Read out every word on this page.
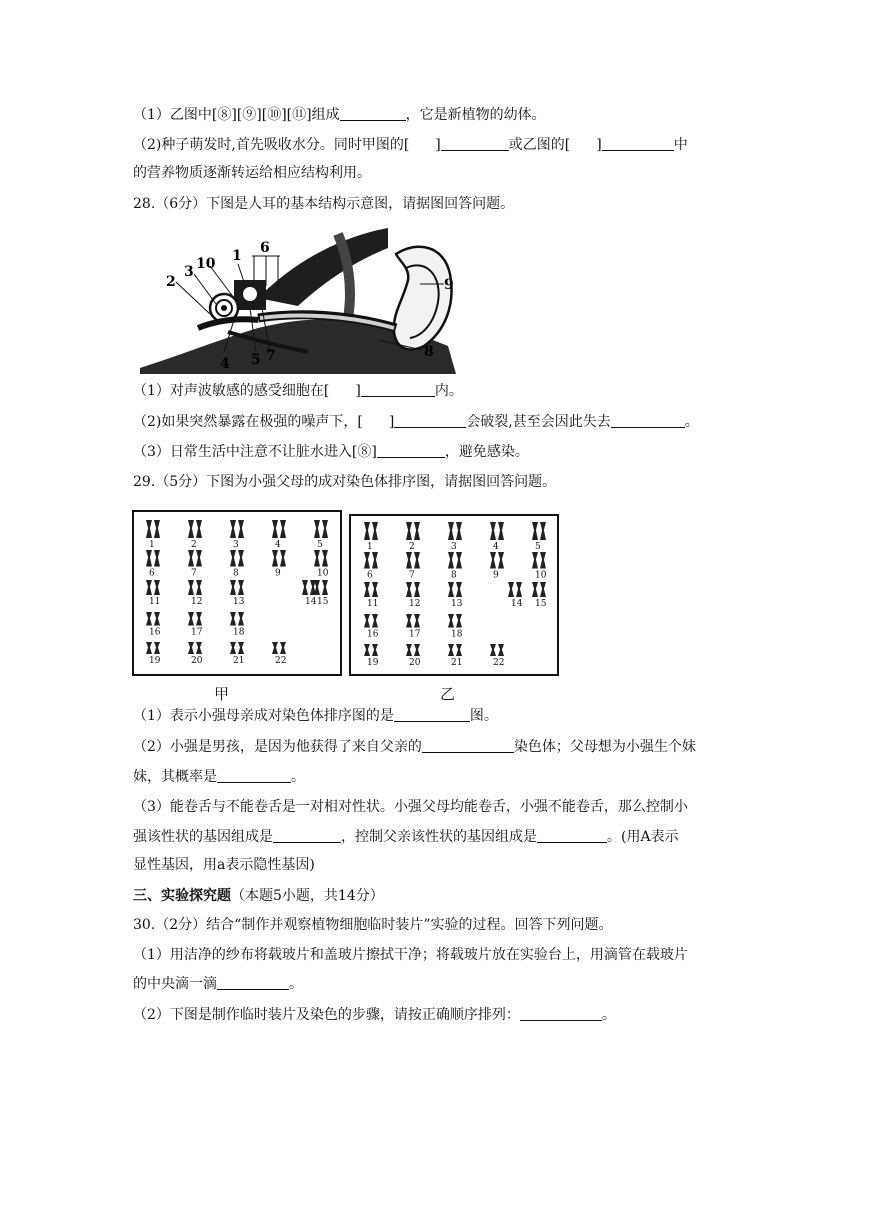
（1）乙图中[⑧][⑨][⑩][⑪]组成	，它是新植物的幼体。
（2)种子萌发时,首先吸收水分。同时甲图的[ ]	或乙图的[ ]	中
的营养物质逐渐转运给相应结构利用。
28.（6分）下图是人耳的基本结构示意图，请据图回答问题。
1
2
3
4 5
6
7	8
9
10
（1）对声波敏感的感受细胞在[ ]	内。
（2)如果突然暴露在极强的噪声下，[ ]	会破裂,甚至会因此失去	。
（3）日常生活中注意不让脏水进入[⑧]	，避免感染。
29.（5分）下图为小强父母的成对染色体排序图，请据图回答问题。
1	2	3	4	5
6	7	8	9	10
11	12	13	14 15
16	17	18
19	20	21	22
1	2	3	4	5
6	7	8	9	10
11	12	13	14 15
16	17	18
19	20	21	22
甲	乙
（1）表示小强母亲成对染色体排序图的是	图。
（2）小强是男孩，是因为他获得了来自父亲的	染色体；父母想为小强生个妹
妹，其概率是	。
（3）能卷舌与不能卷舌是一对相对性状。小强父母均能卷舌，小强不能卷舌，那么控制小
强该性状的基因组成是	，控制父亲该性状的基因组成是	。(用A表示
显性基因，用a表示隐性基因)
三、实验探究题（本题5小题，共14分）
30.（2分）结合“制作并观察植物细胞临时装片”实验的过程。回答下列问题。
（1）用洁净的纱布将载玻片和盖玻片擦拭干净；将载玻片放在实验台上，用滴管在载玻片
的中央滴一滴	。
（2）下图是制作临时装片及染色的步骤，请按正确顺序排列：	。
